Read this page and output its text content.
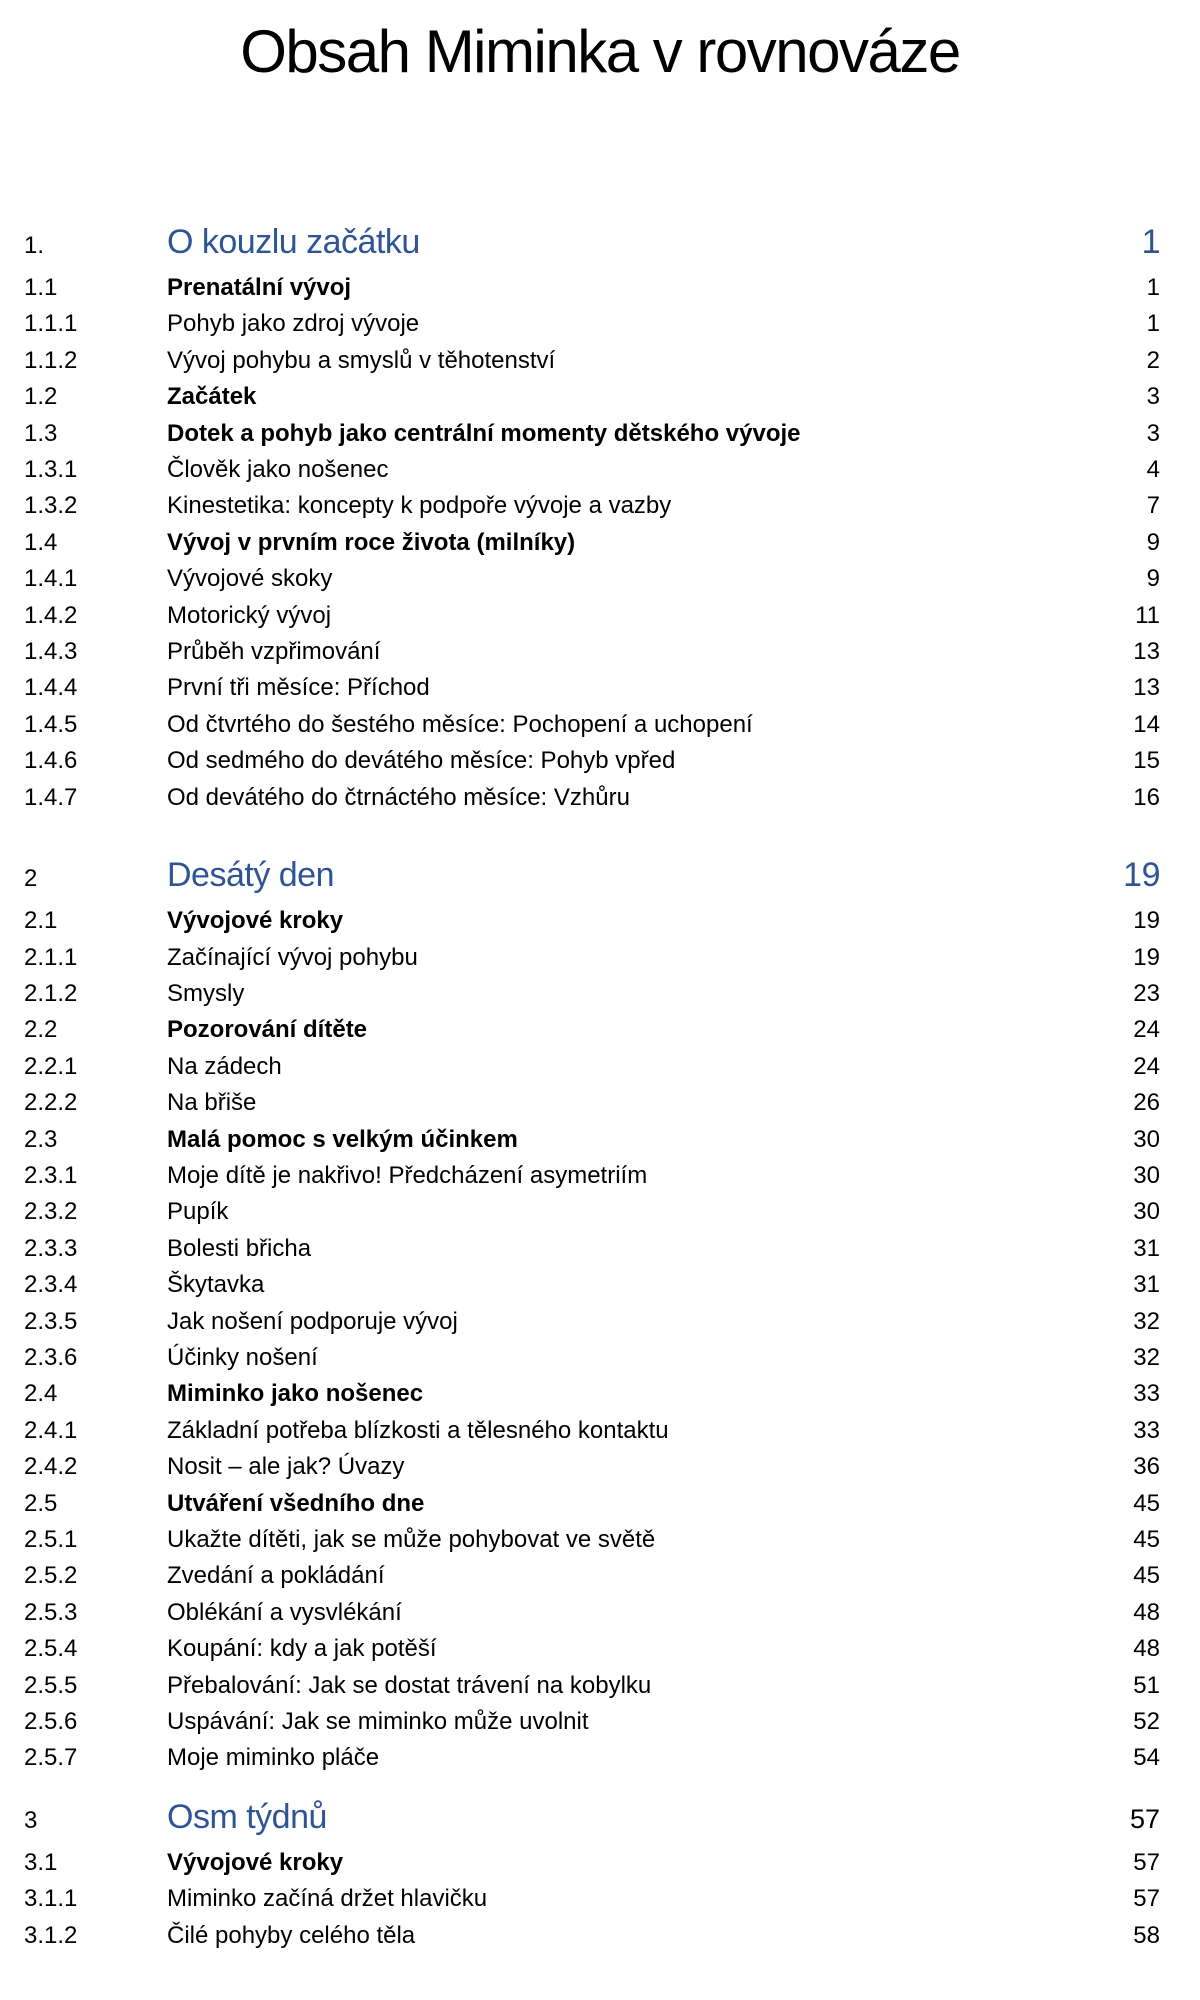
Obsah Miminka v rovnováze
1.	O kouzlu začátku	1
1.1	Prenatální vývoj	1
1.1.1	Pohyb jako zdroj vývoje	1
1.1.2	Vývoj pohybu a smyslů v těhotenství	2
1.2	Začátek	3
1.3	Dotek a pohyb jako centrální momenty dětského vývoje	3
1.3.1	Člověk jako nošenec	4
1.3.2	Kinestetika: koncepty k podpoře vývoje a vazby	7
1.4	Vývoj v prvním roce života (milníky)	9
1.4.1	Vývojové skoky	9
1.4.2	Motorický vývoj	11
1.4.3	Průběh vzpřimování	13
1.4.4	První tři měsíce: Příchod	13
1.4.5	Od čtvrtého do šestého měsíce: Pochopení a uchopení	14
1.4.6	Od sedmého do devátého měsíce: Pohyb vpřed	15
1.4.7	Od devátého do čtrnáctého měsíce: Vzhůru	16
2	Desátý den	19
2.1	Vývojové kroky	19
2.1.1	Začínající vývoj pohybu	19
2.1.2	Smysly	23
2.2	Pozorování dítěte	24
2.2.1	Na zádech	24
2.2.2	Na břiše	26
2.3	Malá pomoc s velkým účinkem	30
2.3.1	Moje dítě je nakřivo! Předcházení asymetriím	30
2.3.2	Pupík	30
2.3.3	Bolesti břicha	31
2.3.4	Škytavka	31
2.3.5	Jak nošení podporuje vývoj	32
2.3.6	Účinky nošení	32
2.4	Miminko jako nošenec	33
2.4.1	Základní potřeba blízkosti a tělesného kontaktu	33
2.4.2	Nosit – ale jak? Úvazy	36
2.5	Utváření všedního dne	45
2.5.1	Ukažte dítěti, jak se může pohybovat ve světě	45
2.5.2	Zvedání a pokládání	45
2.5.3	Oblékání a vysvlékání	48
2.5.4	Koupání: kdy a jak potěší	48
2.5.5	Přebalování: Jak se dostat trávení na kobylku	51
2.5.6	Uspávání: Jak se miminko může uvolnit	52
2.5.7	Moje miminko pláče	54
3	Osm týdnů	57
3.1	Vývojové kroky	57
3.1.1	Miminko začíná držet hlavičku	57
3.1.2	Čilé pohyby celého těla	58
